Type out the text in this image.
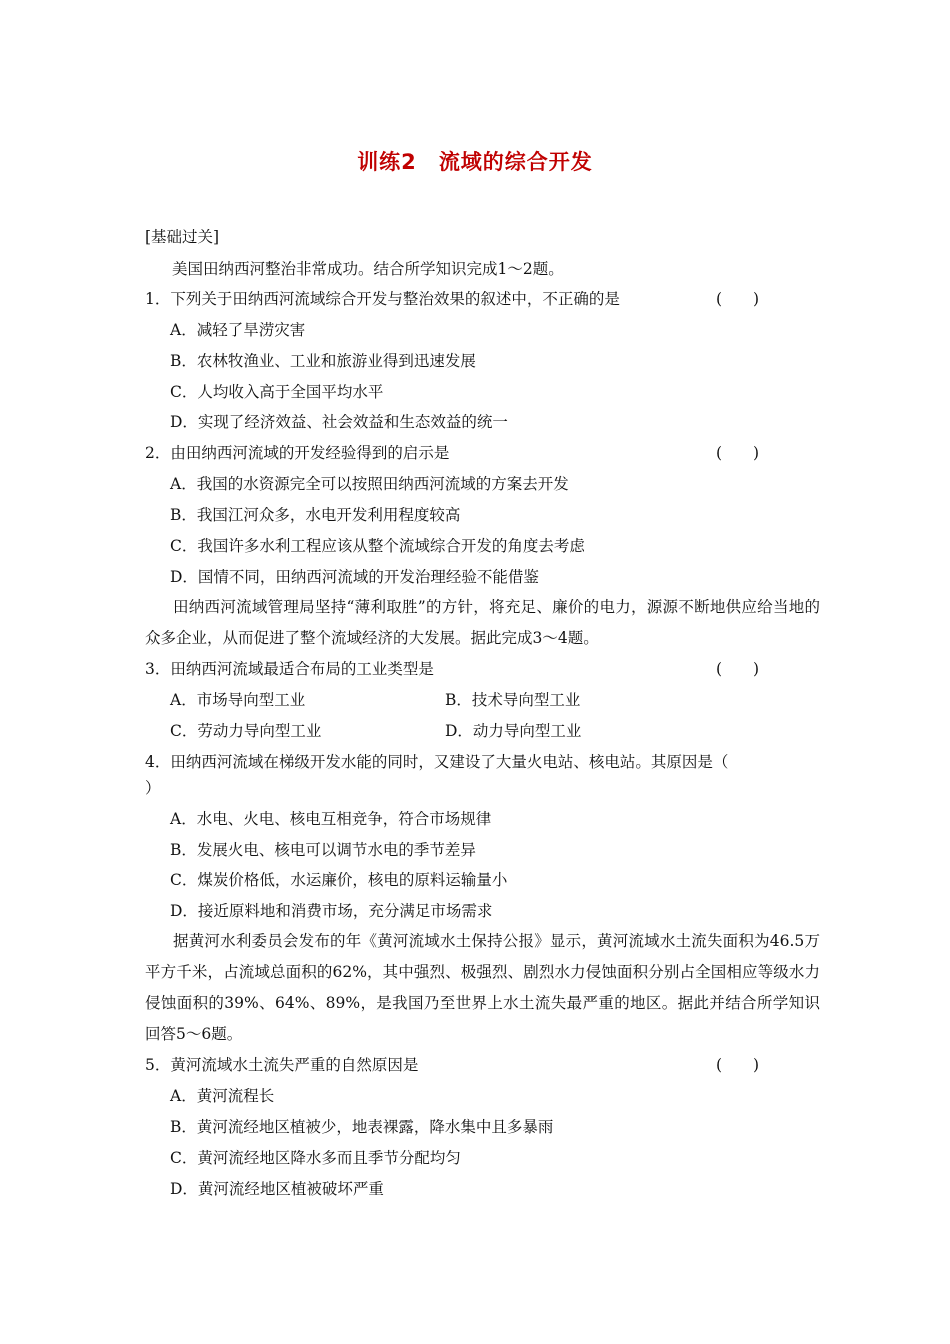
训练2 流域的综合开发
[基础过关]
美国田纳西河整治非常成功。结合所学知识完成1～2题。
1．下列关于田纳西河流域综合开发与整治效果的叙述中，不正确的是	(　　)
A．减轻了旱涝灾害
B．农林牧渔业、工业和旅游业得到迅速发展
C．人均收入高于全国平均水平
D．实现了经济效益、社会效益和生态效益的统一
2．由田纳西河流域的开发经验得到的启示是	(　　)
A．我国的水资源完全可以按照田纳西河流域的方案去开发
B．我国江河众多，水电开发利用程度较高
C．我国许多水利工程应该从整个流域综合开发的角度去考虑
D．国情不同，田纳西河流域的开发治理经验不能借鉴
田纳西河流域管理局坚持“薄利取胜”的方针，将充足、廉价的电力，源源不断地供应给当地的众多企业，从而促进了整个流域经济的大发展。据此完成3～4题。
3．田纳西河流域最适合布局的工业类型是	(　　)
A．市场导向型工业	B．技术导向型工业
C．劳动力导向型工业	D．动力导向型工业
4．田纳西河流域在梯级开发水能的同时，又建设了大量火电站、核电站。其原因是（
）
A．水电、火电、核电互相竞争，符合市场规律
B．发展火电、核电可以调节水电的季节差异
C．煤炭价格低，水运廉价，核电的原料运输量小
D．接近原料地和消费市场，充分满足市场需求
据黄河水利委员会发布的年《黄河流域水土保持公报》显示，黄河流域水土流失面积为46.5万平方千米，占流域总面积的62%，其中强烈、极强烈、剧烈水力侵蚀面积分别占全国相应等级水力侵蚀面积的39%、64%、89%，是我国乃至世界上水土流失最严重的地区。据此并结合所学知识回答5～6题。
5．黄河流域水土流失严重的自然原因是	(　　)
A．黄河流程长
B．黄河流经地区植被少，地表裸露，降水集中且多暴雨
C．黄河流经地区降水多而且季节分配均匀
D．黄河流经地区植被破坏严重
